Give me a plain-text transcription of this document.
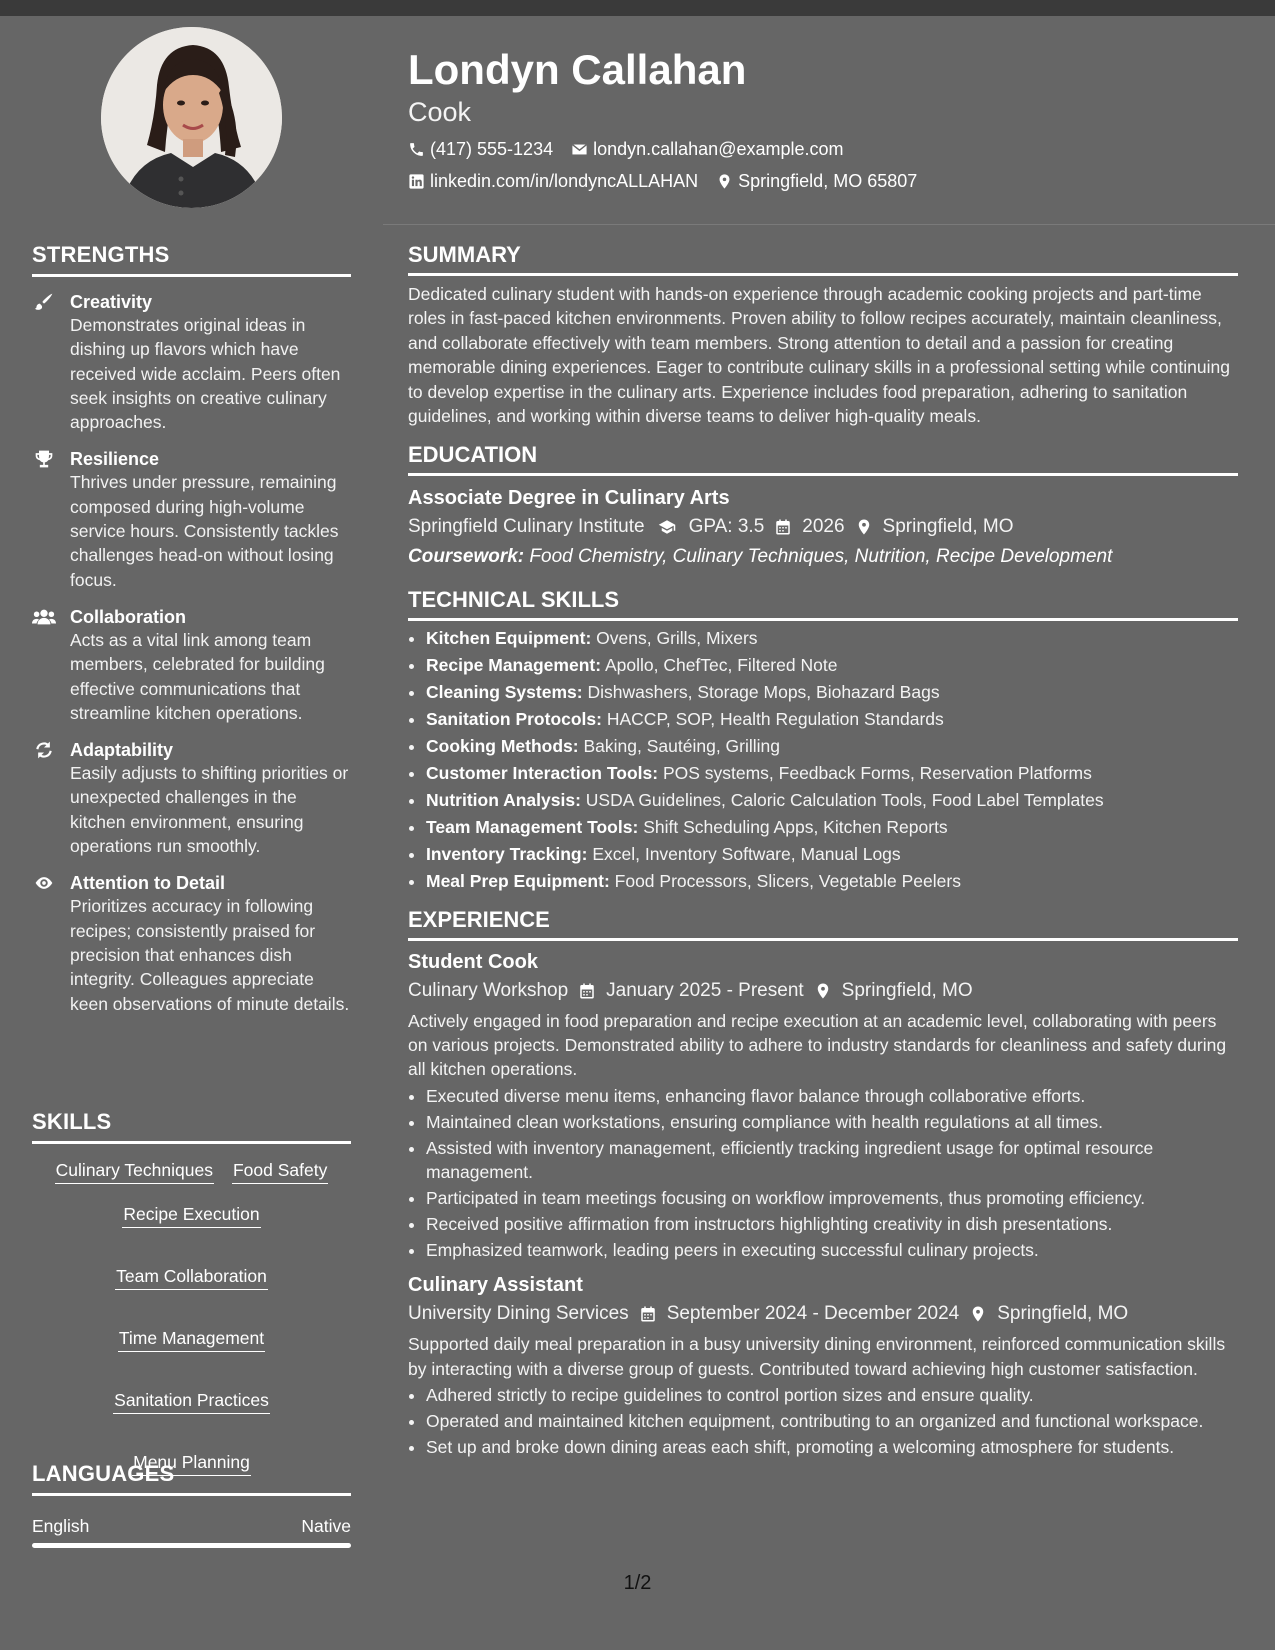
Londyn Callahan
Cook
(417) 555-1234 londyn.callahan@example.com
linkedin.com/in/londyncALLAHAN Springfield, MO 65807
STRENGTHS
Creativity
Demonstrates original ideas in dishing up flavors which have received wide acclaim. Peers often seek insights on creative culinary approaches.
Resilience
Thrives under pressure, remaining composed during high-volume service hours. Consistently tackles challenges head-on without losing focus.
Collaboration
Acts as a vital link among team members, celebrated for building effective communications that streamline kitchen operations.
Adaptability
Easily adjusts to shifting priorities or unexpected challenges in the kitchen environment, ensuring operations run smoothly.
Attention to Detail
Prioritizes accuracy in following recipes; consistently praised for precision that enhances dish integrity. Colleagues appreciate keen observations of minute details.
SKILLS
Culinary Techniques Food Safety
Recipe Execution
Team Collaboration
Time Management
Sanitation Practices
Menu Planning
LANGUAGES
English	Native
SUMMARY
Dedicated culinary student with hands-on experience through academic cooking projects and part-time roles in fast-paced kitchen environments. Proven ability to follow recipes accurately, maintain cleanliness, and collaborate effectively with team members. Strong attention to detail and a passion for creating memorable dining experiences. Eager to contribute culinary skills in a professional setting while continuing to develop expertise in the culinary arts. Experience includes food preparation, adhering to sanitation guidelines, and working within diverse teams to deliver high-quality meals.
EDUCATION
Associate Degree in Culinary Arts
Springfield Culinary Institute GPA: 3.5 2026 Springfield, MO
Coursework: Food Chemistry, Culinary Techniques, Nutrition, Recipe Development
TECHNICAL SKILLS
• Kitchen Equipment: Ovens, Grills, Mixers
• Recipe Management: Apollo, ChefTec, Filtered Note
• Cleaning Systems: Dishwashers, Storage Mops, Biohazard Bags
• Sanitation Protocols: HACCP, SOP, Health Regulation Standards
• Cooking Methods: Baking, Sautéing, Grilling
• Customer Interaction Tools: POS systems, Feedback Forms, Reservation Platforms
• Nutrition Analysis: USDA Guidelines, Caloric Calculation Tools, Food Label Templates
• Team Management Tools: Shift Scheduling Apps, Kitchen Reports
• Inventory Tracking: Excel, Inventory Software, Manual Logs
• Meal Prep Equipment: Food Processors, Slicers, Vegetable Peelers
EXPERIENCE
Student Cook
Culinary Workshop January 2025 - Present Springfield, MO
Actively engaged in food preparation and recipe execution at an academic level, collaborating with peers on various projects. Demonstrated ability to adhere to industry standards for cleanliness and safety during all kitchen operations.
• Executed diverse menu items, enhancing flavor balance through collaborative efforts.
• Maintained clean workstations, ensuring compliance with health regulations at all times.
• Assisted with inventory management, efficiently tracking ingredient usage for optimal resource management.
• Participated in team meetings focusing on workflow improvements, thus promoting efficiency.
• Received positive affirmation from instructors highlighting creativity in dish presentations.
• Emphasized teamwork, leading peers in executing successful culinary projects.
Culinary Assistant
University Dining Services September 2024 - December 2024 Springfield, MO
Supported daily meal preparation in a busy university dining environment, reinforced communication skills by interacting with a diverse group of guests. Contributed toward achieving high customer satisfaction.
• Adhered strictly to recipe guidelines to control portion sizes and ensure quality.
• Operated and maintained kitchen equipment, contributing to an organized and functional workspace.
• Set up and broke down dining areas each shift, promoting a welcoming atmosphere for students.
1/2
